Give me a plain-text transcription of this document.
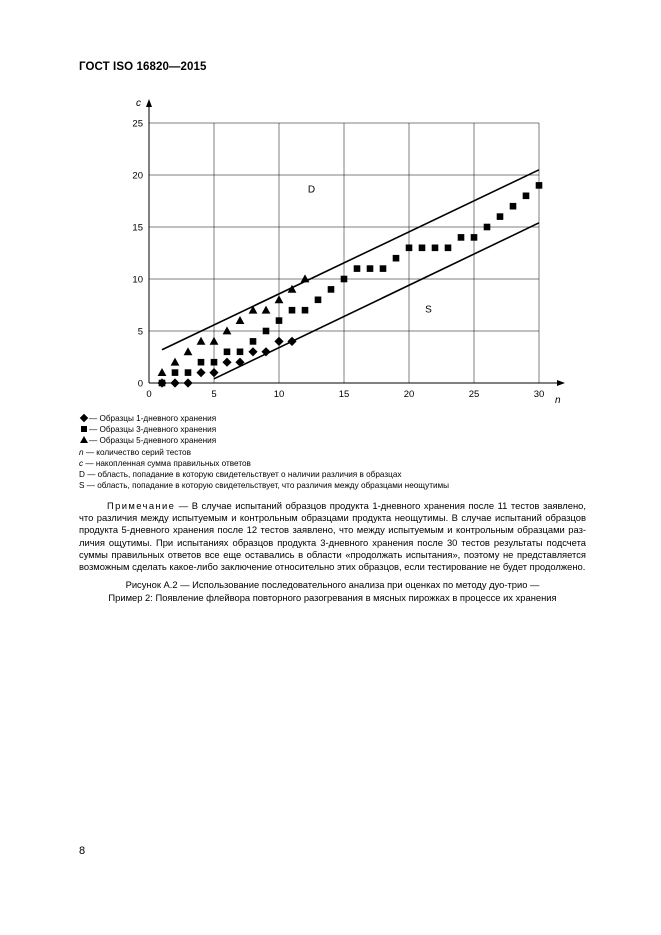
ГОСТ ISO 16820—2015
0	5	10	15	20	25	30
0
5
10
15
20
25
n
c
D
S
— Образцы 1-дневного хранения
— Образцы 3-дневного хранения
— Образцы 5-дневного хранения
n
— количество серий тестов
c
— накопленная сумма правильных ответов
D
— область, попадание в которую свидетельствует о наличии различия в образцах
S
— область, попадание в которую свидетельствует, что различия между образцами неощутимы
Примечание — В случае испытаний образцов продукта 1-дневного хранения после 11 тестов заявлено,
что различия между испытуемым и контрольным образцами продукта неощутимы. В случае испытаний образцов
продукта 5-дневного хранения после 12 тестов заявлено, что между испытуемым и контрольным образцами раз-
личия ощутимы. При испытаниях образцов продукта 3-дневного хранения после 30 тестов результаты подсчета
суммы правильных ответов все еще оставались в области «продолжать испытания», поэтому не представляется
возможным сделать какое-либо заключение относительно этих образцов, если тестирование не будет продолжено.
Рисунок А.2 — Использование последовательного анализа при оценках по методу дуо-трио —
Пример 2: Появление флейвора повторного разогревания в мясных пирожках в процессе их хранения
8
